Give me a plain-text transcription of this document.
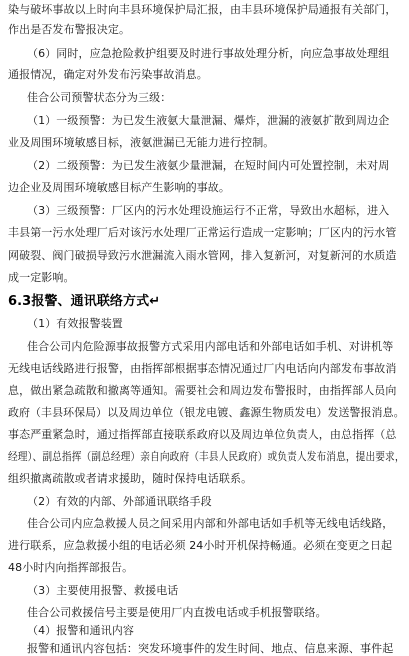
染与破坏事故以上时向丰县环境保护局汇报，由丰县环境保护局通报有关部门，
作出是否发布警报决定。
（6）同时，应急抢险救护组要及时进行事故处理分析，向应急事故处理组
通报情况，确定对外发布污染事故消息。
佳合公司预警状态分为三级：
（1）一级预警：为已发生液氨大量泄漏、爆炸，泄漏的液氨扩散到周边企
业及周围环境敏感目标，液氨泄漏已无能力进行控制。
（2）二级预警：为已发生液氨少量泄漏，在短时间内可处置控制，未对周
边企业及周围环境敏感目标产生影响的事故。
（3）三级预警：厂区内的污水处理设施运行不正常，导致出水超标，进入
丰县第一污水处理厂后对该污水处理厂正常运行造成一定影响；厂区内的污水管
网破裂、阀门破损导致污水泄漏流入雨水管网，排入复新河，对复新河的水质造
成一定影响。
6.3报警、通讯联络方式↵
（1）有效报警装置
佳合公司内危险源事故报警方式采用内部电话和外部电话如手机、对讲机等
无线电话线路进行报警，由指挥部根据事态情况通过厂内电话向内部发布事故消
息，做出紧急疏散和撤离等通知。需要社会和周边发布警报时，由指挥部人员向
政府（丰县环保局）以及周边单位（银龙电镀、鑫源生物质发电）发送警报消息。
事态严重紧急时，通过指挥部直接联系政府以及周边单位负责人，由总指挥（总
经理）、副总指挥（副总经理）亲自向政府（丰县人民政府）或负责人发布消息，提出要求，
组织撤离疏散或者请求援助，随时保持电话联系。
（2）有效的内部、外部通讯联络手段
佳合公司内应急救援人员之间采用内部和外部电话如手机等无线电话线路，
进行联系，应急救援小组的电话必须 24小时开机保持畅通。必须在变更之日起
48小时内向指挥部报告。
（3）主要使用报警、救援电话
佳合公司救援信号主要是使用厂内直拨电话或手机报警联络。
（4）报警和通讯内容
报警和通讯内容包括：突发环境事件的发生时间、地点、信息来源、事件起
